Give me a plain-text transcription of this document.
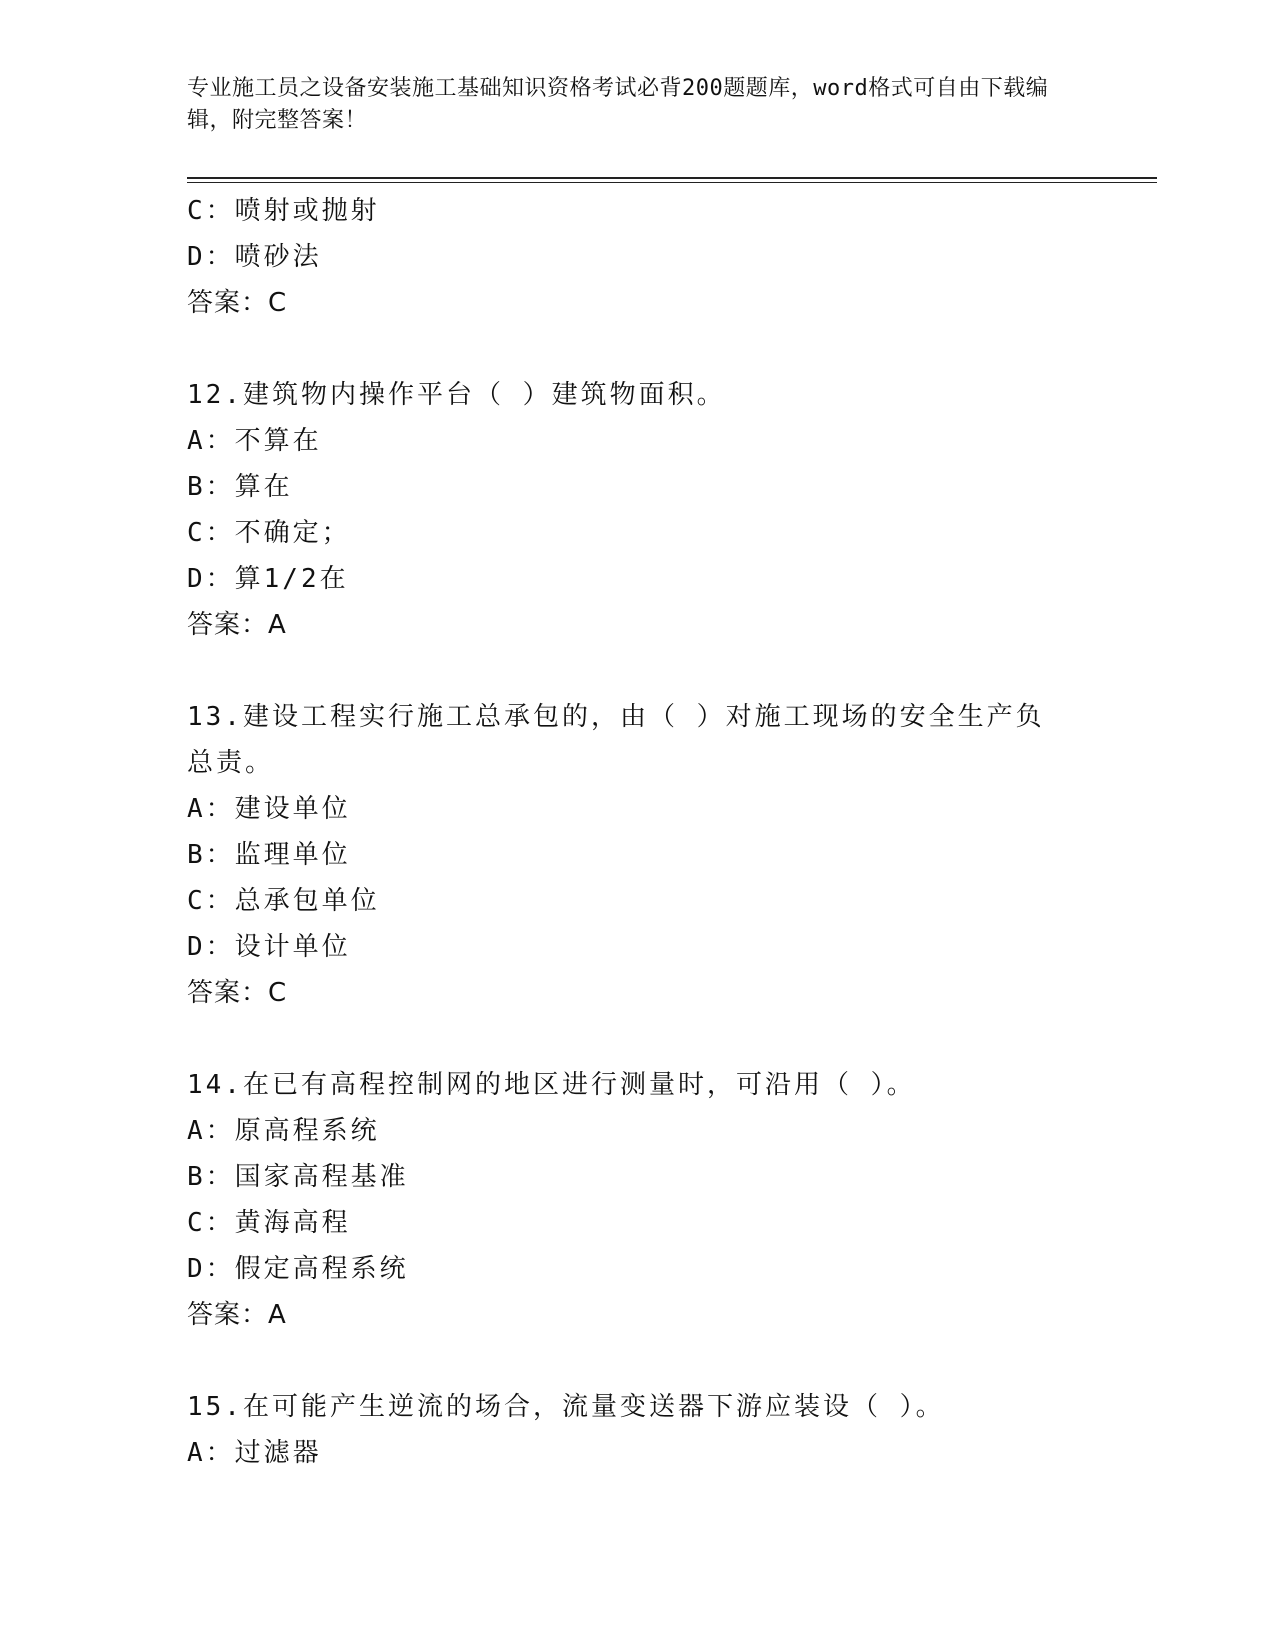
专业施工员之设备安装施工基础知识资格考试必背200题题库，word格式可自由下载编辑，附完整答案！
C：喷射或抛射
D：喷砂法
答案：C
12.建筑物内操作平台（ ）建筑物面积。
A：不算在
B：算在
C：不确定；
D：算1/2在
答案：A
13.建设工程实行施工总承包的，由（ ）对施工现场的安全生产负总责。
A：建设单位
B：监理单位
C：总承包单位
D：设计单位
答案：C
14.在已有高程控制网的地区进行测量时，可沿用（ ）。
A：原高程系统
B：国家高程基准
C：黄海高程
D：假定高程系统
答案：A
15.在可能产生逆流的场合，流量变送器下游应装设（ ）。
A：过滤器
